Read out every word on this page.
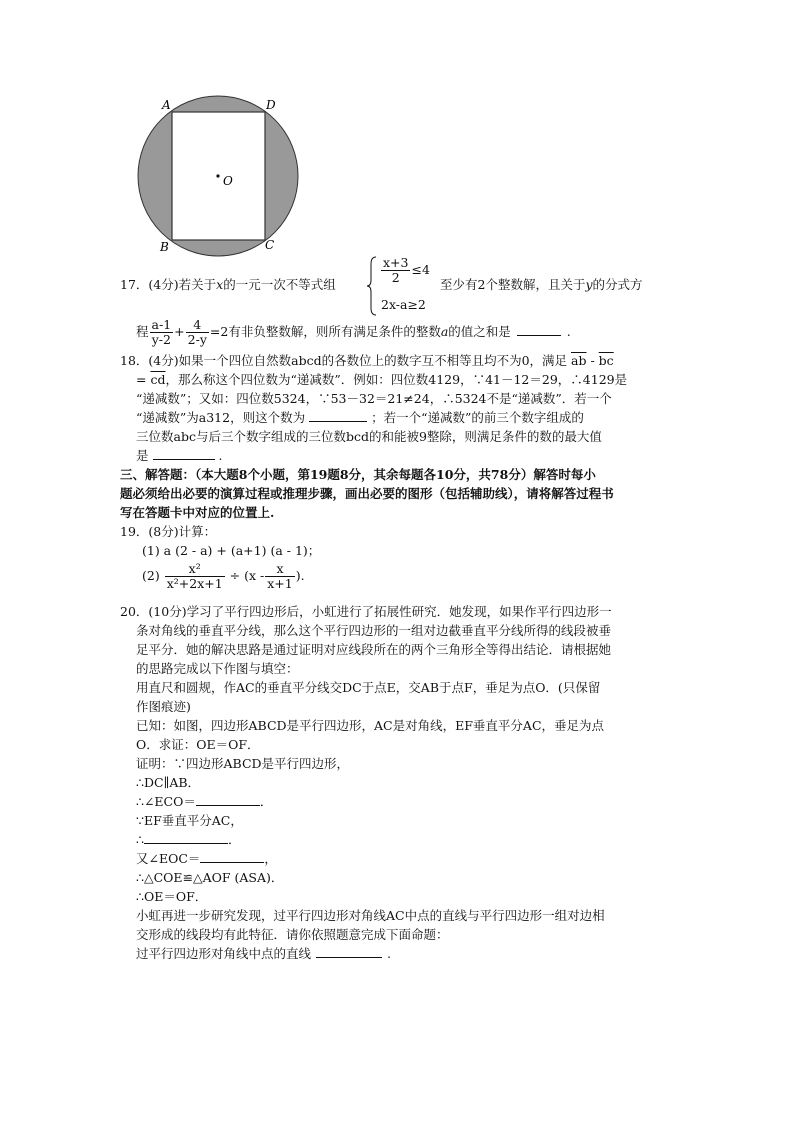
A	D
B	C
O
17．(4分)若关于x的一元一次不等式组	$\frac{x+3}{2} \le 4$
2x-a≥2
至少有2个整数解，且关于y的分式方
程 $\frac{a-1}{y-2} + \frac{4}{2-y} =2$有非负整数解，则所有满足条件的整数a的值之和是	.
18．(4分)如果一个四位自然数abcd的各数位上的数字互不相等且均不为0，满足 $\overline{ab} - \overline{bc}$
= $\overline{cd}$，那么称这个四位数为“递减数”．例如：四位数4129，∵41－12＝29，∴4129是
“递减数”；又如：四位数5324，∵53－32＝21≠24，∴5324不是“递减数”．若一个
“递减数”为a312，则这个数为	；若一个“递减数”的前三个数字组成的
三位数abc与后三个数字组成的三位数bcd的和能被9整除，则满足条件的数的最大值
是	.
三、解答题：（本大题8个小题，第19题8分，其余每题各10分，共78分）解答时每小
题必须给出必要的演算过程或推理步骤，画出必要的图形（包括辅助线），请将解答过程书
写在答题卡中对应的位置上.
19．(8分)计算：
(1) a (2 - a) + (a+1) (a - 1)；
$(2) \frac{\text{x²}}{\text{x²+2x+1}} \div (x - \frac{x}{x+1}$ ).
20．(10分)学习了平行四边形后，小虹进行了拓展性研究．她发现，如果作平行四边形一
条对角线的垂直平分线，那么这个平行四边形的一组对边截垂直平分线所得的线段被垂
足平分．她的解决思路是通过证明对应线段所在的两个三角形全等得出结论．请根据她
的思路完成以下作图与填空：
用直尺和圆规，作AC的垂直平分线交DC于点E，交AB于点F，垂足为点O．(只保留
作图痕迹)
已知：如图，四边形ABCD是平行四边形，AC是对角线，EF垂直平分AC，垂足为点
O．求证：OE＝OF．
证明：∵四边形ABCD是平行四边形，
∴DC∥AB．
∴∠ECO＝	．
∵EF垂直平分AC，
∴	．
又∠EOC＝	，
∴△COE≌△AOF (ASA)．
∴OE＝OF．
小虹再进一步研究发现，过平行四边形对角线AC中点的直线与平行四边形一组对边相
交形成的线段均有此特征．请你依照题意完成下面命题：
过平行四边形对角线中点的直线	.
